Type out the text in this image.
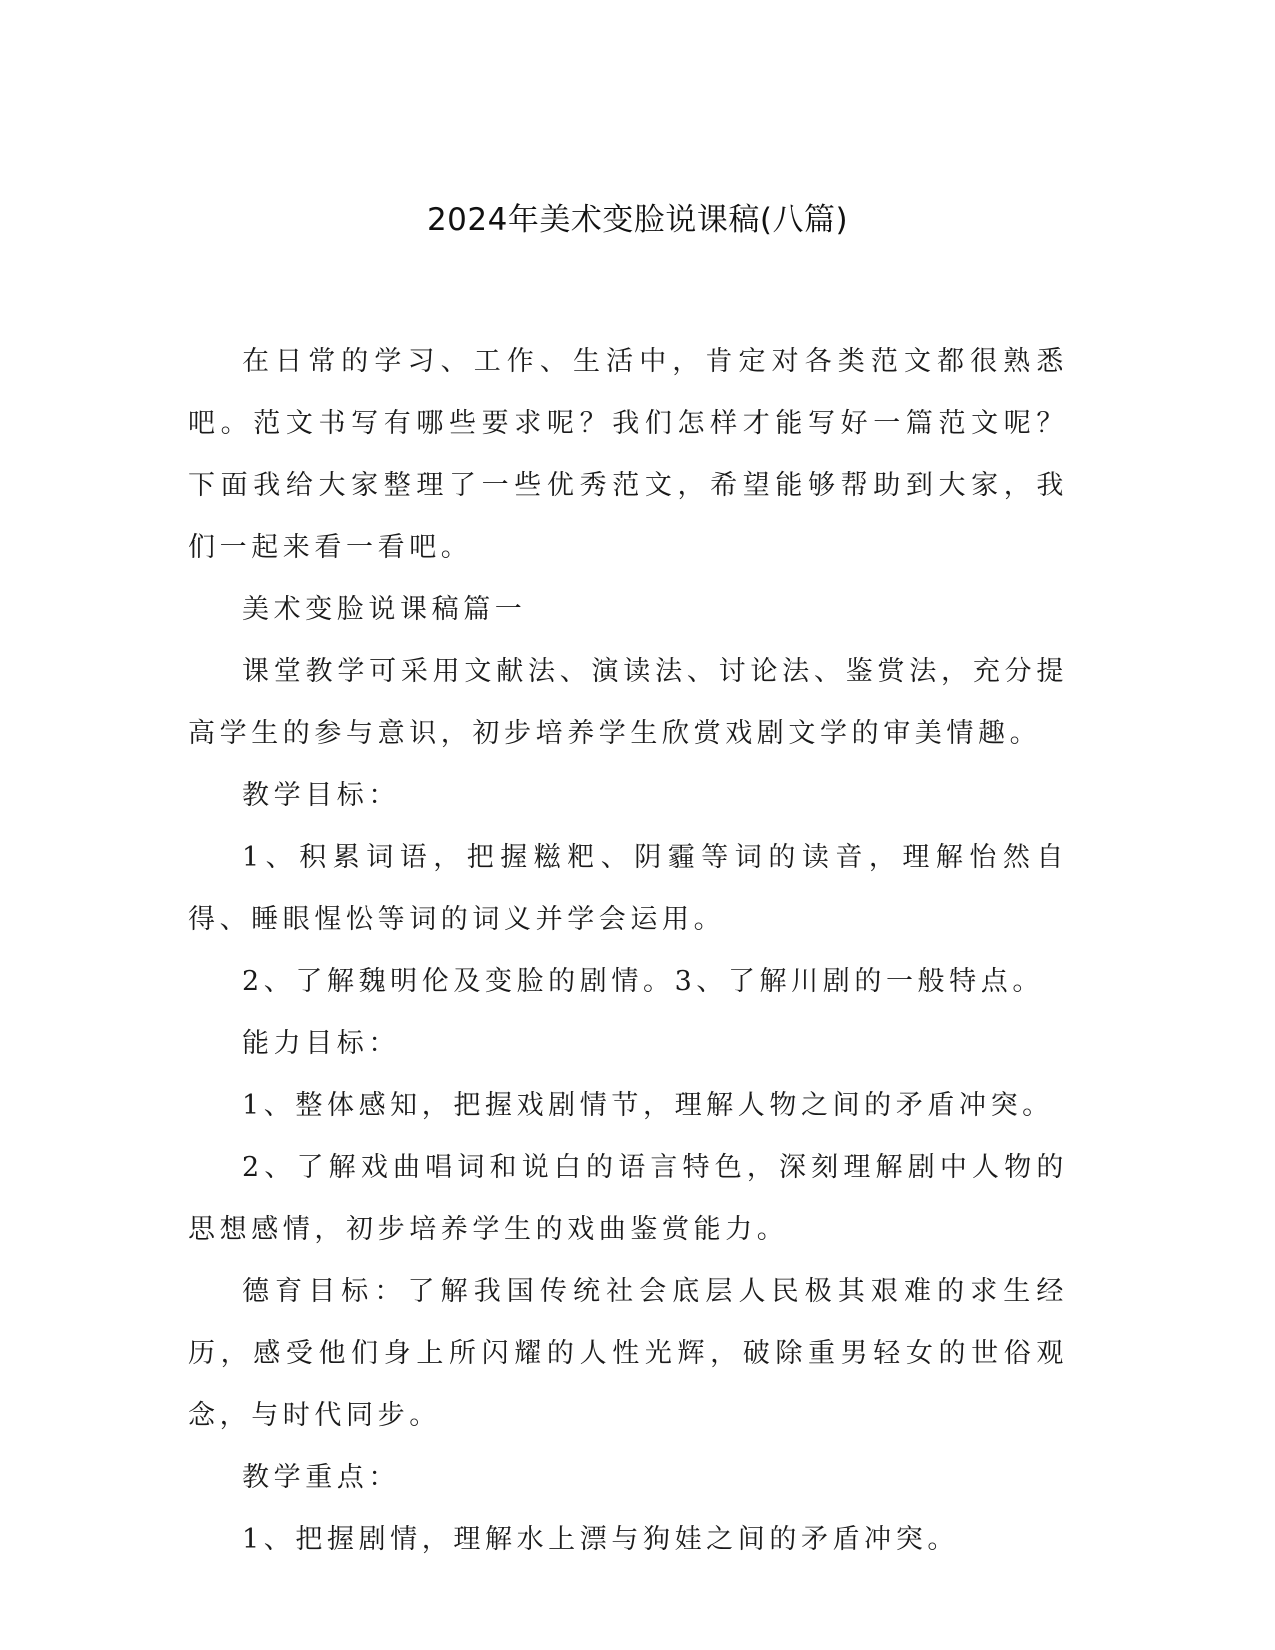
2024年美术变脸说课稿(八篇)

在日常的学习、工作、生活中，肯定对各类范文都很熟悉吧。范文书写有哪些要求呢？我们怎样才能写好一篇范文呢？下面我给大家整理了一些优秀范文，希望能够帮助到大家，我们一起来看一看吧。

美术变脸说课稿篇一

课堂教学可采用文献法、演读法、讨论法、鉴赏法，充分提高学生的参与意识，初步培养学生欣赏戏剧文学的审美情趣。

教学目标：

1、积累词语，把握糍粑、阴霾等词的读音，理解怡然自得、睡眼惺忪等词的词义并学会运用。

2、了解魏明伦及变脸的剧情。3、了解川剧的一般特点。

能力目标：

1、整体感知，把握戏剧情节，理解人物之间的矛盾冲突。

2、了解戏曲唱词和说白的语言特色，深刻理解剧中人物的思想感情，初步培养学生的戏曲鉴赏能力。

德育目标：了解我国传统社会底层人民极其艰难的求生经历，感受他们身上所闪耀的人性光辉，破除重男轻女的世俗观念，与时代同步。

教学重点：

1、把握剧情，理解水上漂与狗娃之间的矛盾冲突。
